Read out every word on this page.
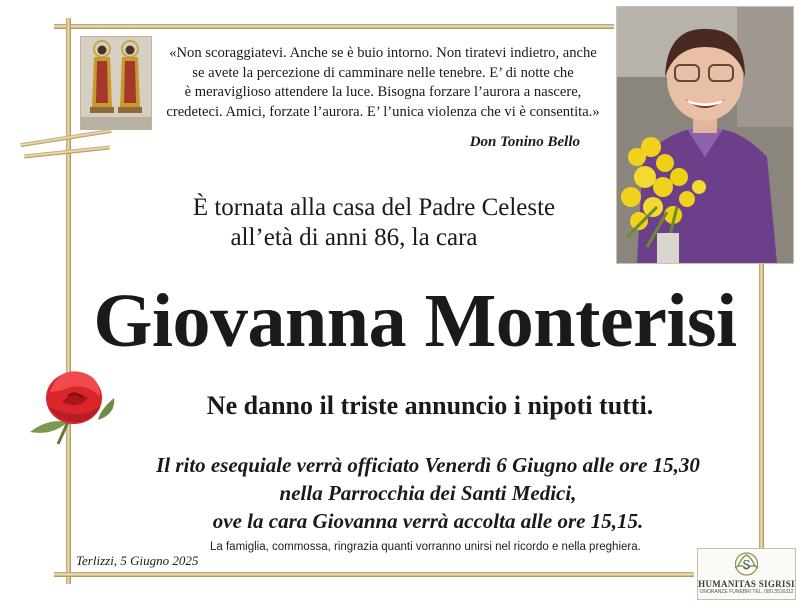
«Non scoraggiatevi. Anche se è buio intorno. Non tiratevi indietro, anche
se avete la percezione di camminare nelle tenebre. E’ di notte che
è meraviglioso attendere la luce. Bisogna forzare l’aurora a nascere,
credeteci. Amici, forzate l’aurora. E’ l’unica violenza che vi è consentita.»
Don Tonino Bello
È tornata alla casa del Padre Celeste
all’età di anni 86, la cara
Giovanna Monterisi
Ne danno il triste annuncio i nipoti tutti.
Il rito esequiale verrà officiato Venerdì 6 Giugno alle ore 15,30
nella Parrocchia dei Santi Medici,
ove la cara Giovanna verrà accolta alle ore 15,15.
Terlizzi, 5 Giugno 2025
La famiglia, commossa, ringrazia quanti vorranno unirsi nel ricordo e nella preghiera.
S
HUMANITAS SIGRISI
ONORANZE FUNEBRI TEL. 080.3516312
